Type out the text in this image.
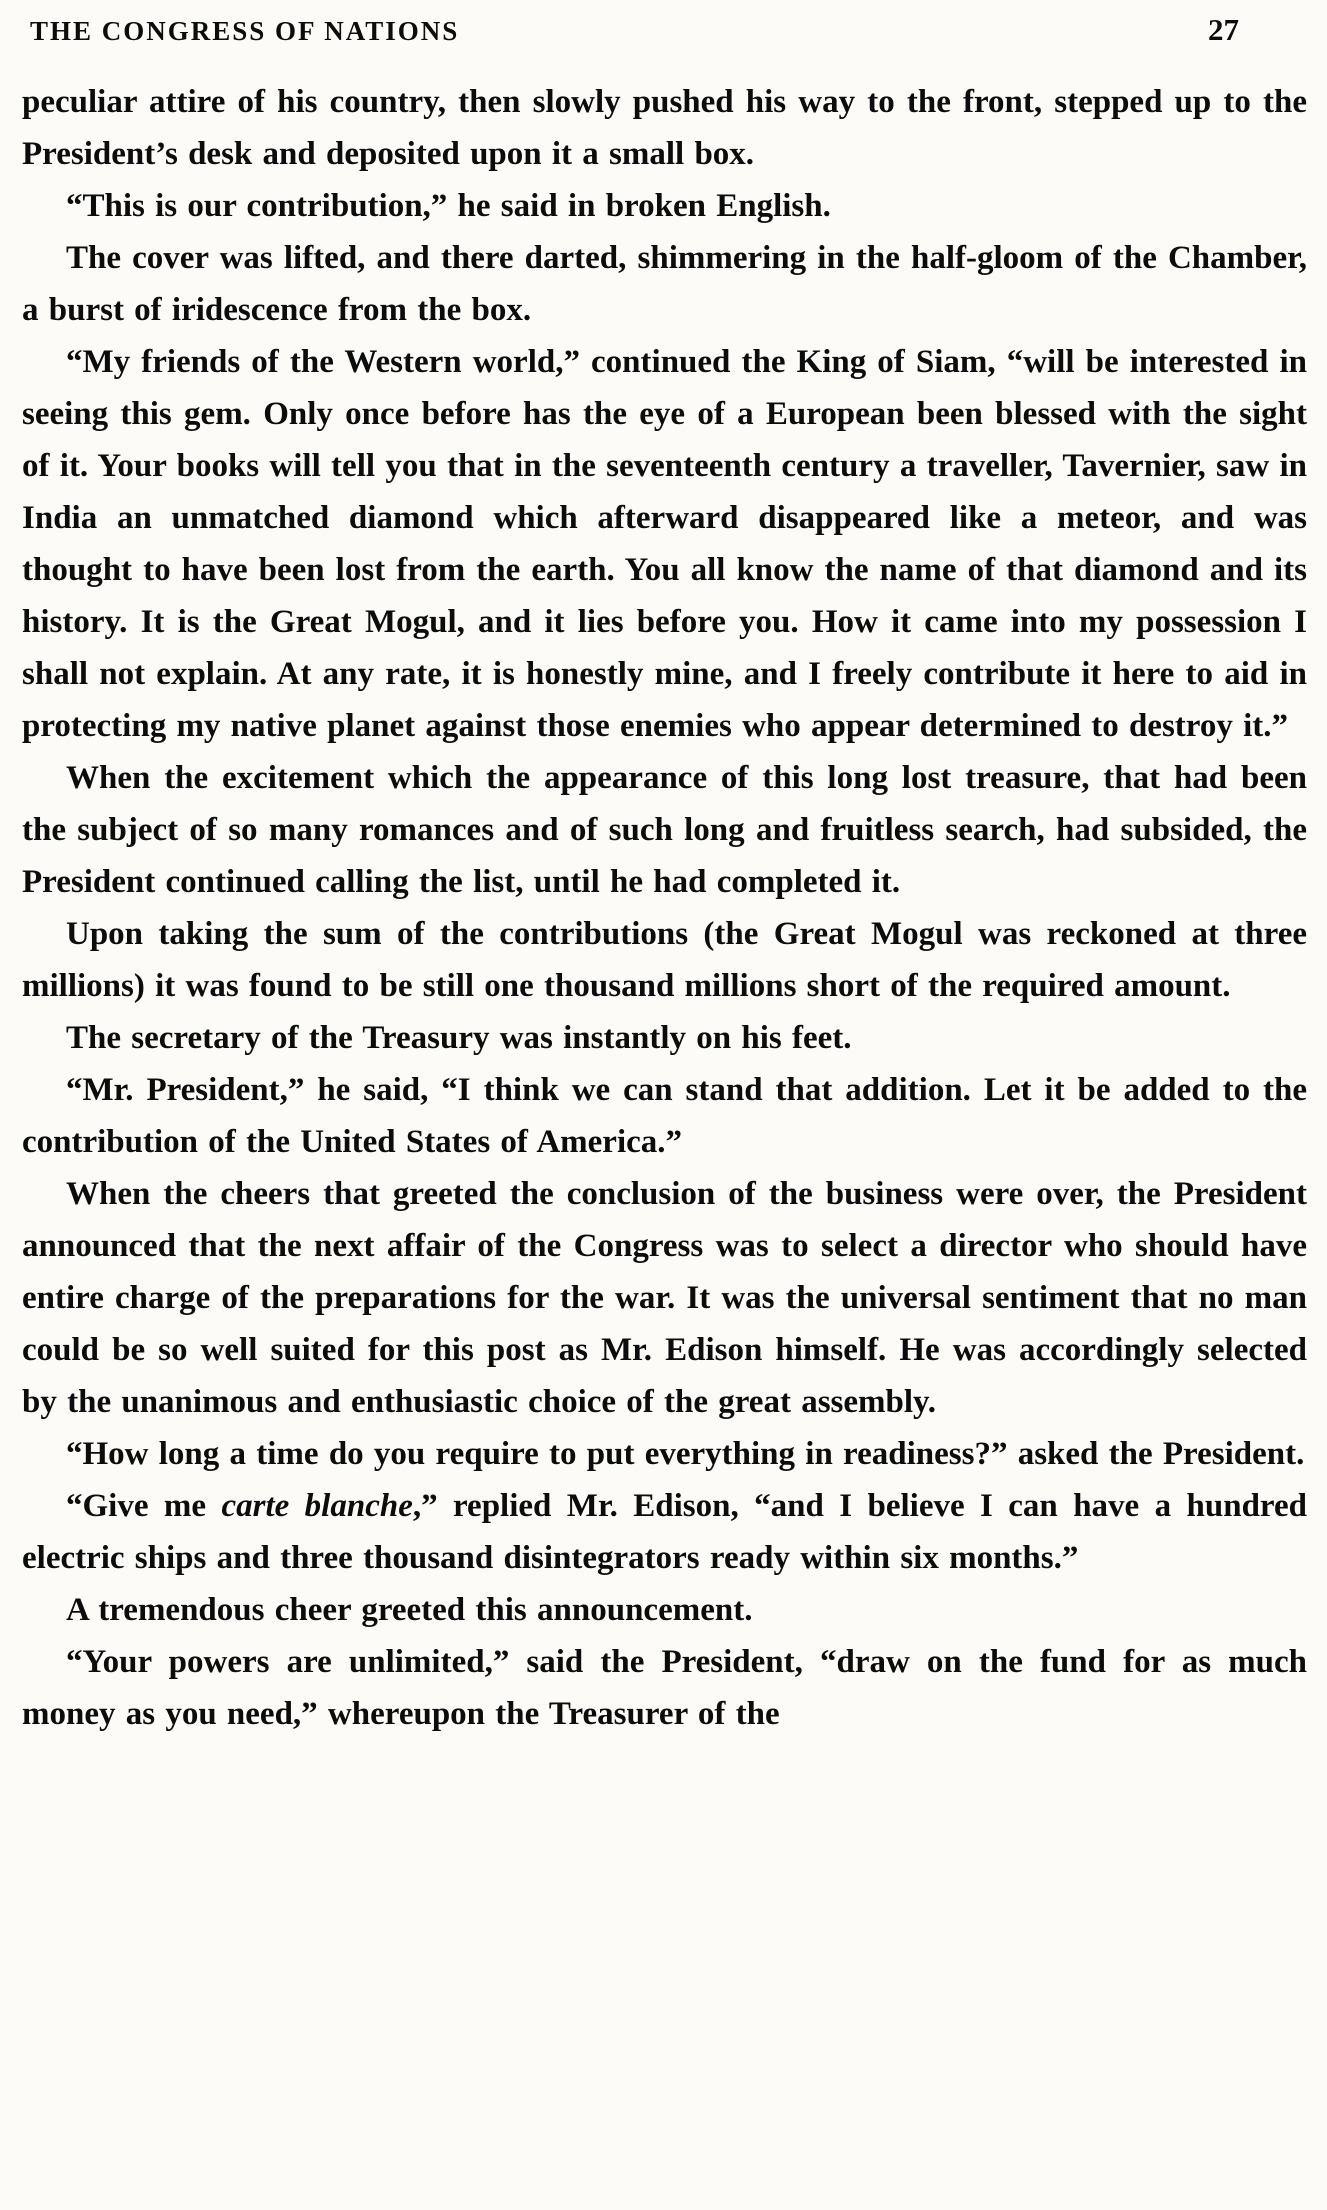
THE CONGRESS OF NATIONS	27

peculiar attire of his country, then slowly pushed his way to the front, stepped up to the President’s desk and deposited upon it a small box.

“This is our contribution,” he said in broken English.

The cover was lifted, and there darted, shimmering in the half-gloom of the Chamber, a burst of iridescence from the box.

“My friends of the Western world,” continued the King of Siam, “will be interested in seeing this gem. Only once before has the eye of a European been blessed with the sight of it. Your books will tell you that in the seventeenth century a traveller, Tavernier, saw in India an unmatched diamond which afterward disappeared like a meteor, and was thought to have been lost from the earth. You all know the name of that diamond and its history. It is the Great Mogul, and it lies before you. How it came into my possession I shall not explain. At any rate, it is honestly mine, and I freely contribute it here to aid in protecting my native planet against those enemies who appear determined to destroy it.”

When the excitement which the appearance of this long lost treasure, that had been the subject of so many romances and of such long and fruitless search, had subsided, the President continued calling the list, until he had completed it.

Upon taking the sum of the contributions (the Great Mogul was reckoned at three millions) it was found to be still one thousand millions short of the required amount.

The secretary of the Treasury was instantly on his feet.

“Mr. President,” he said, “I think we can stand that addition. Let it be added to the contribution of the United States of America.”

When the cheers that greeted the conclusion of the business were over, the President announced that the next affair of the Congress was to select a director who should have entire charge of the preparations for the war. It was the universal sentiment that no man could be so well suited for this post as Mr. Edison himself. He was accordingly selected by the unanimous and enthusiastic choice of the great assembly.

“How long a time do you require to put everything in readiness?” asked the President.

“Give me carte blanche,” replied Mr. Edison, “and I believe I can have a hundred electric ships and three thousand disintegrators ready within six months.”

A tremendous cheer greeted this announcement.

“Your powers are unlimited,” said the President, “draw on the fund for as much money as you need,” whereupon the Treasurer of the
